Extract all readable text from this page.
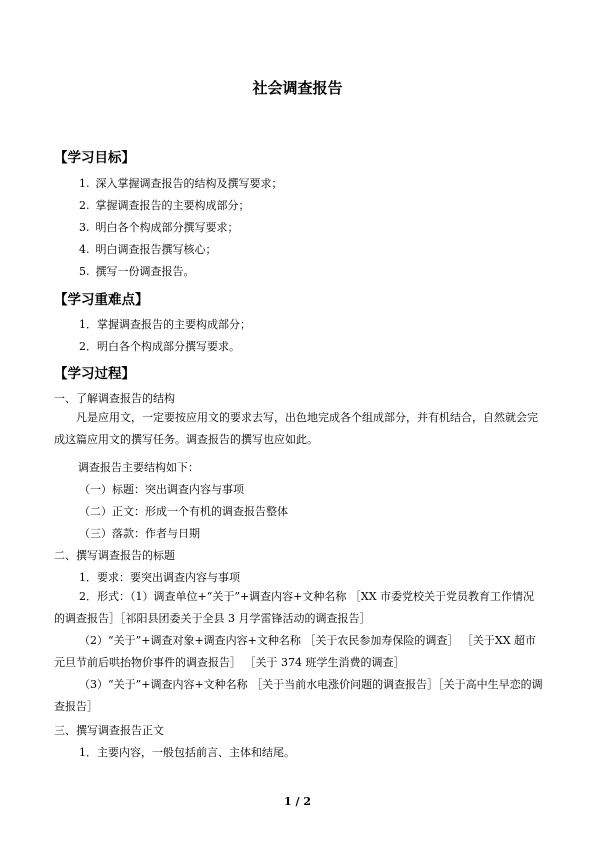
社会调查报告
【学习目标】
1. 深入掌握调查报告的结构及撰写要求；
2. 掌握调查报告的主要构成部分；
3. 明白各个构成部分撰写要求；
4. 明白调查报告撰写核心；
5. 撰写一份调查报告。
【学习重难点】
1．掌握调查报告的主要构成部分；
2．明白各个构成部分撰写要求。
【学习过程】
一、了解调查报告的结构
凡是应用文，一定要按应用文的要求去写，出色地完成各个组成部分，并有机结合，自然就会完成这篇应用文的撰写任务。调查报告的撰写也应如此。
调查报告主要结构如下：
（一）标题：突出调查内容与事项
（二）正文：形成一个有机的调查报告整体
（三）落款：作者与日期
二、撰写调查报告的标题
1．要求：要突出调查内容与事项
2．形式：（1）调查单位+“关于”+调查内容+文种名称 ［XX 市委党校关于党员教育工作情况的调查报告］［祁阳县团委关于全县 3 月学雷锋活动的调查报告］
（2）“关于”+调查对象+调查内容+文种名称 ［关于农民参加寿保险的调查］ ［关于XX 超市元旦节前后哄抬物价事件的调查报告］ ［关于 374 班学生消费的调查］
（3）“关于”+调查内容+文种名称 ［关于当前水电涨价问题的调查报告］［关于高中生早恋的调查报告］
三、撰写调查报告正文
1．主要内容，一般包括前言、主体和结尾。
1 / 2
